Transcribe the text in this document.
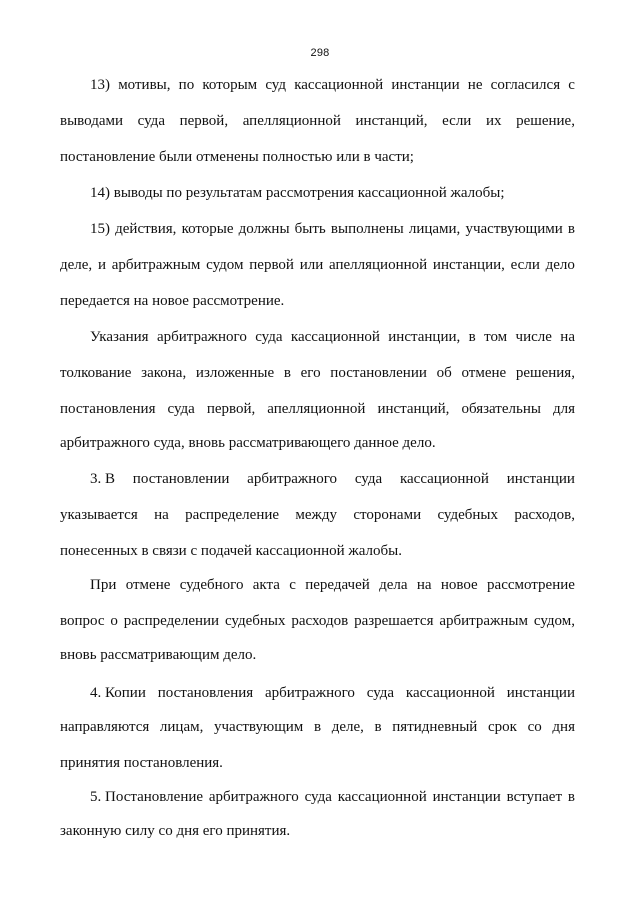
298
13) мотивы, по которым суд кассационной инстанции не согласился с
выводами суда первой, апелляционной инстанций, если их решение,
постановление были отменены полностью или в части;
14) выводы по результатам рассмотрения кассационной жалобы;
15) действия, которые должны быть выполнены лицами, участвующими в
деле, и арбитражным судом первой или апелляционной инстанции, если дело
передается на новое рассмотрение.
Указания арбитражного суда кассационной инстанции, в том числе на
толкование закона, изложенные в его постановлении об отмене решения,
постановления суда первой, апелляционной инстанций, обязательны для
арбитражного суда, вновь рассматривающего данное дело.
3. В постановлении арбитражного суда кассационной инстанции
указывается на распределение между сторонами судебных расходов,
понесенных в связи с подачей кассационной жалобы.
При отмене судебного акта с передачей дела на новое рассмотрение
вопрос о распределении судебных расходов разрешается арбитражным судом,
вновь рассматривающим дело.
4. Копии постановления арбитражного суда кассационной инстанции
направляются лицам, участвующим в деле, в пятидневный срок со дня
принятия постановления.
5. Постановление арбитражного суда кассационной инстанции вступает в
законную силу со дня его принятия.
